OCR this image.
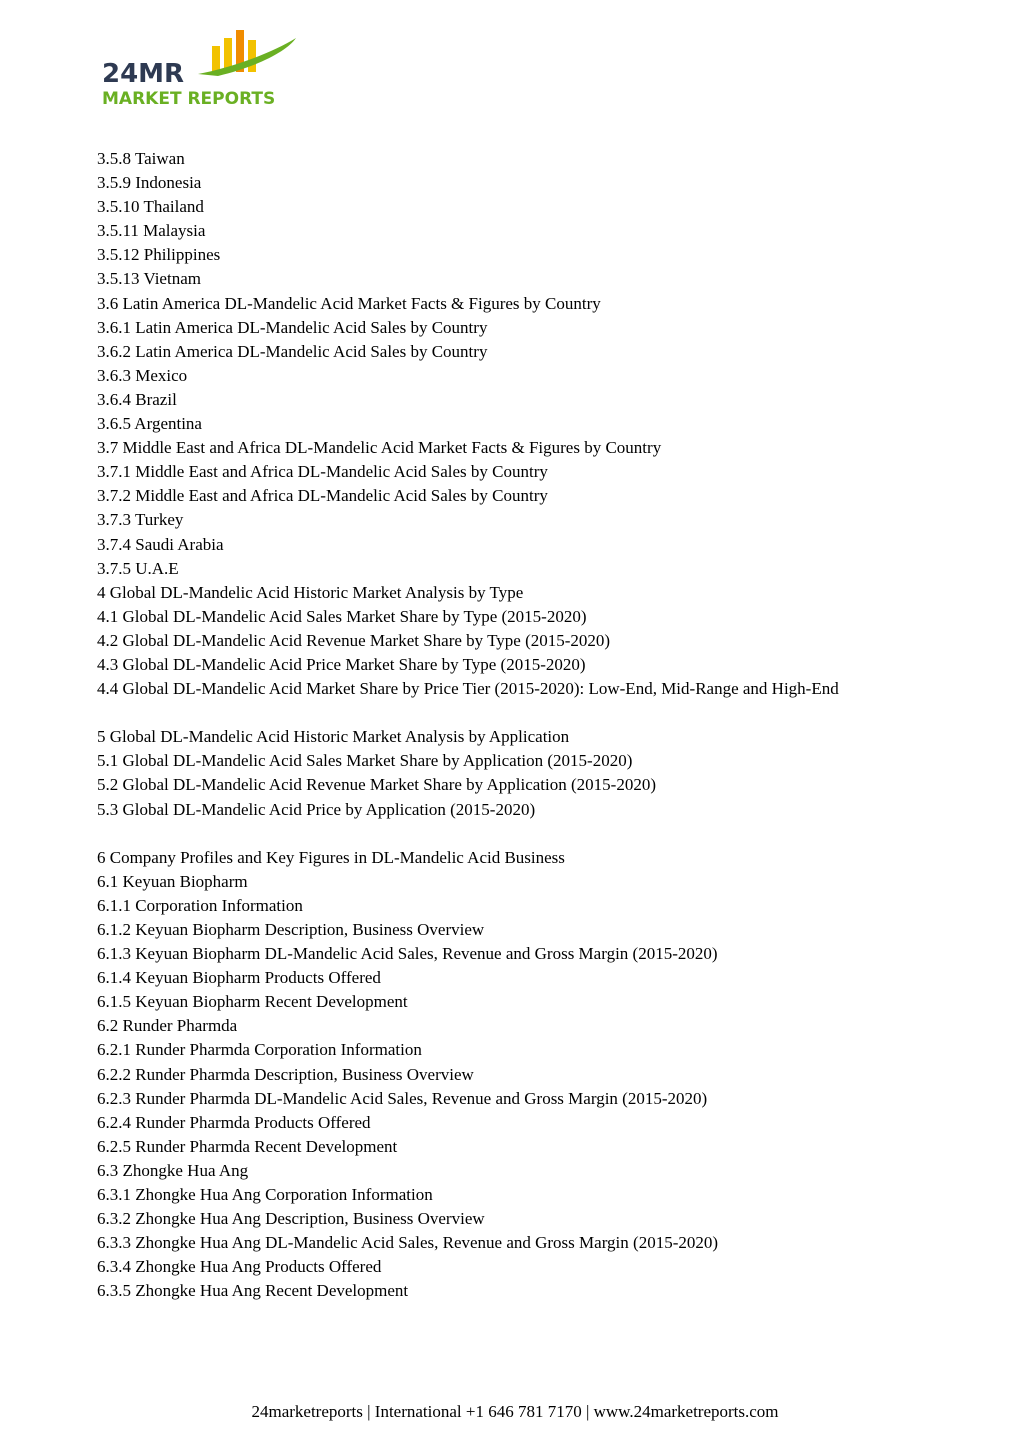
24MR
MARKET REPORTS
3.5.8 Taiwan
3.5.9 Indonesia
3.5.10 Thailand
3.5.11 Malaysia
3.5.12 Philippines
3.5.13 Vietnam
3.6 Latin America DL-Mandelic Acid Market Facts & Figures by Country
3.6.1 Latin America DL-Mandelic Acid Sales by Country
3.6.2 Latin America DL-Mandelic Acid Sales by Country
3.6.3 Mexico
3.6.4 Brazil
3.6.5 Argentina
3.7 Middle East and Africa DL-Mandelic Acid Market Facts & Figures by Country
3.7.1 Middle East and Africa DL-Mandelic Acid Sales by Country
3.7.2 Middle East and Africa DL-Mandelic Acid Sales by Country
3.7.3 Turkey
3.7.4 Saudi Arabia
3.7.5 U.A.E
4 Global DL-Mandelic Acid Historic Market Analysis by Type
4.1 Global DL-Mandelic Acid Sales Market Share by Type (2015-2020)
4.2 Global DL-Mandelic Acid Revenue Market Share by Type (2015-2020)
4.3 Global DL-Mandelic Acid Price Market Share by Type (2015-2020)
4.4 Global DL-Mandelic Acid Market Share by Price Tier (2015-2020): Low-End, Mid-Range and High-End
5 Global DL-Mandelic Acid Historic Market Analysis by Application
5.1 Global DL-Mandelic Acid Sales Market Share by Application (2015-2020)
5.2 Global DL-Mandelic Acid Revenue Market Share by Application (2015-2020)
5.3 Global DL-Mandelic Acid Price by Application (2015-2020)
6 Company Profiles and Key Figures in DL-Mandelic Acid Business
6.1 Keyuan Biopharm
6.1.1 Corporation Information
6.1.2 Keyuan Biopharm Description, Business Overview
6.1.3 Keyuan Biopharm DL-Mandelic Acid Sales, Revenue and Gross Margin (2015-2020)
6.1.4 Keyuan Biopharm Products Offered
6.1.5 Keyuan Biopharm Recent Development
6.2 Runder Pharmda
6.2.1 Runder Pharmda Corporation Information
6.2.2 Runder Pharmda Description, Business Overview
6.2.3 Runder Pharmda DL-Mandelic Acid Sales, Revenue and Gross Margin (2015-2020)
6.2.4 Runder Pharmda Products Offered
6.2.5 Runder Pharmda Recent Development
6.3 Zhongke Hua Ang
6.3.1 Zhongke Hua Ang Corporation Information
6.3.2 Zhongke Hua Ang Description, Business Overview
6.3.3 Zhongke Hua Ang DL-Mandelic Acid Sales, Revenue and Gross Margin (2015-2020)
6.3.4 Zhongke Hua Ang Products Offered
6.3.5 Zhongke Hua Ang Recent Development
24marketreports | International +1 646 781 7170 | www.24marketreports.com
